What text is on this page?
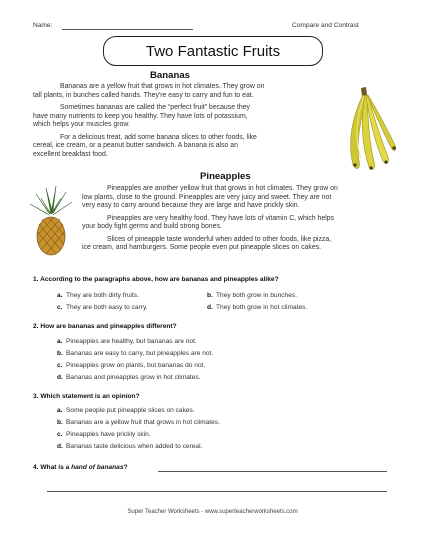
Name:	Compare and Contrast
Two Fantastic Fruits
Bananas
Bananas are a yellow fruit that grows in hot climates. They grow on
tall plants, in bunches called hands. They're easy to carry and fun to eat.
Sometimes bananas are called the “perfect fruit” because they
have many nutrients to keep you healthy. They have lots of potassium,
which helps your muscles grow.
For a delicious treat, add some banana slices to other foods, like
cereal, ice cream, or a peanut butter sandwich. A banana is also an
excellent breakfast food.
Pineapples
Pineapples are another yellow fruit that grows in hot climates. They grow on
low plants, close to the ground. Pineapples are very juicy and sweet. They are not
very easy to carry around because they are large and have prickly skin.
Pineapples are very healthy food. They have lots of vitamin C, which helps
your body fight germs and build strong bones.
Slices of pineapple taste wonderful when added to other foods, like pizza,
ice cream, and hamburgers. Some people even put pineapple slices on cakes.
1. According to the paragraphs above, how are bananas and pineapples alike?
a. They are both dirty fruits.	b. They both grow in bunches.
c. They are both easy to carry.	d. They both grow in hot climates.
2. How are bananas and pineapples different?
a. Pineapples are healthy, but bananas are not.
b. Bananas are easy to carry, but pineapples are not.
c. Pineapples grow on plants, but bananas do not.
d. Bananas and pineapples grow in hot climates.
3. Which statement is an opinion?
a. Some people put pineapple slices on cakes.
b. Bananas are a yellow fruit that grows in hot climates.
c. Pineapples have prickly skin.
d. Bananas taste delicious when added to cereal.
4. What is a hand of bananas?
Super Teacher Worksheets - www.superteacherworksheets.com
